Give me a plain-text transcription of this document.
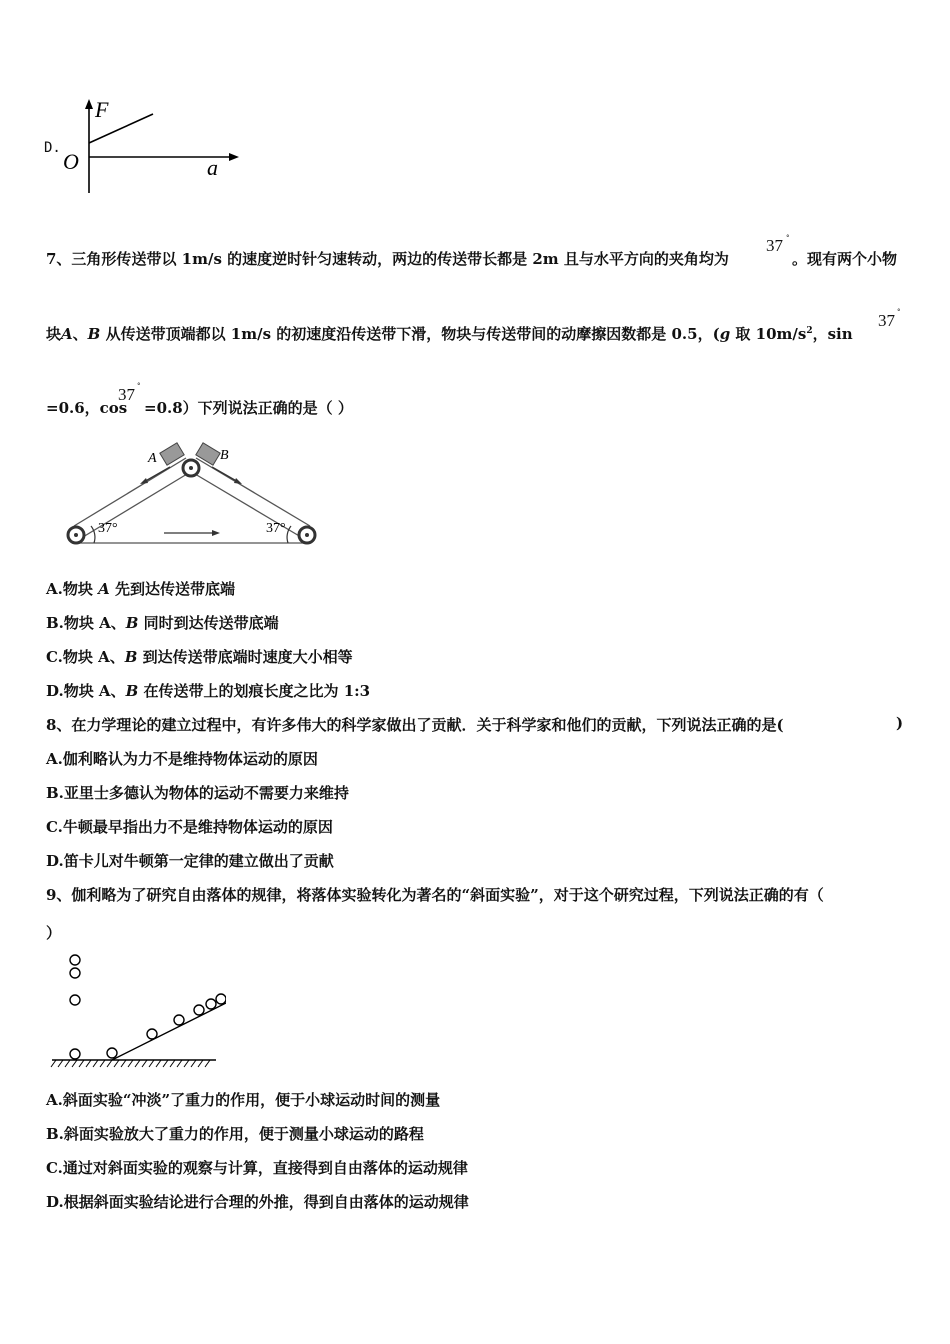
D.
F
O	a
7、三角形传送带以 1m/s 的速度逆时针匀速转动，两边的传送带长都是 2m 且与水平方向的夹角均为
37 °
。现有两个小物
块A、B 从传送带顶端都以 1m/s 的初速度沿传送带下滑，物块与传送带间的动摩擦因数都是 0.5，(g 取 $10m/s^2$，sin
37 °
=0.6，cos
37 °
=0.8）下列说法正确的是（ ）
A	B
37°	37°
A.物块 A 先到达传送带底端
B.物块 A、B 同时到达传送带底端
C.物块 A、B 到达传送带底端时速度大小相等
D.物块 A、B 在传送带上的划痕长度之比为 1:3
8、在力学理论的建立过程中，有许多伟大的科学家做出了贡献．关于科学家和他们的贡献，下列说法正确的是(	)
A.伽利略认为力不是维持物体运动的原因
B.亚里士多德认为物体的运动不需要力来维持
C.牛顿最早指出力不是维持物体运动的原因
D.笛卡儿对牛顿第一定律的建立做出了贡献
9、伽利略为了研究自由落体的规律，将落体实验转化为著名的“斜面实验”，对于这个研究过程，下列说法正确的有（
）
A.斜面实验“冲淡”了重力的作用，便于小球运动时间的测量
B.斜面实验放大了重力的作用，便于测量小球运动的路程
C.通过对斜面实验的观察与计算，直接得到自由落体的运动规律
D.根据斜面实验结论进行合理的外推，得到自由落体的运动规律
